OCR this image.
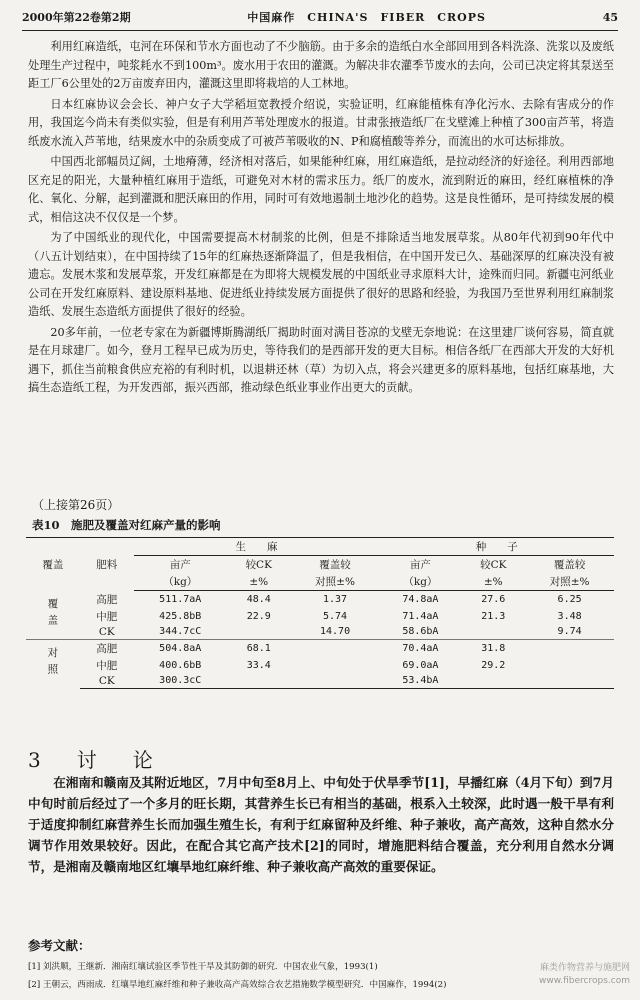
2000年第22卷第2期	中国麻作　CHINA'S　FIBER　CROPS	45

利用红麻造纸，屯河在环保和节水方面也动了不少脑筋。由于多余的造纸白水全部回用到各料洗涤、洗浆以及废纸处理生产过程中，吨浆耗水不到100m³。废水用于农田的灌溉。为解决非农灌季节废水的去向，公司已决定将其泵送至距工厂6公里处的2万亩废弃田内，灌溉这里即将栽培的人工林地。

日本红麻协议会会长、神户女子大学稻垣宽教授介绍说，实验证明，红麻能植株有净化污水、去除有害成分的作用，我国迄今尚未有类似实验，但是有利用芦苇处理废水的报道。甘肃张掖造纸厂在戈壁滩上种植了300亩芦苇，将造纸废水流入芦苇地，结果废水中的杂质变成了可被芦苇吸收的N、P和腐植酸等养分，而流出的水可达标排放。

中国西北部幅员辽阔，土地瘠薄，经济相对落后，如果能种红麻，用红麻造纸，是拉动经济的好途径。利用西部地区充足的阳光，大量种植红麻用于造纸，可避免对木材的需求压力。纸厂的废水，流到附近的麻田，经红麻植株的净化、氧化、分解，起到灌溉和肥沃麻田的作用，同时可有效地遏制土地沙化的趋势。这是良性循环，是可持续发展的模式，相信这决不仅仅是一个梦。

为了中国纸业的现代化，中国需要提高木材制浆的比例，但是不排除适当地发展草浆。从80年代初到90年代中（八五计划结束），在中国持续了15年的红麻热逐渐降温了，但是我相信，在中国开发已久、基础深厚的红麻决没有被遗忘。发展木浆和发展草浆，开发红麻都是在为即将大规模发展的中国纸业寻求原料大计，途殊而归同。新疆屯河纸业公司在开发红麻原料、建设原料基地、促进纸业持续发展方面提供了很好的思路和经验，为我国乃至世界利用红麻制浆造纸、发展生态造纸方面提供了很好的经验。

20多年前，一位老专家在为新疆博斯腾湖纸厂揭助时面对满目苍凉的戈壁无奈地说：在这里建厂谈何容易，简直就是在月球建厂。如今，登月工程早已成为历史，等待我们的是西部开发的更大目标。相信各纸厂在西部大开发的大好机遇下，抓住当前粮食供应充裕的有利时机，以退耕还林（草）为切入点，将会兴建更多的原料基地，包括红麻基地，大搞生态造纸工程，为开发西部，振兴西部，推动绿色纸业事业作出更大的贡献。

（上接第26页）
表10　施肥及覆盖对红麻产量的影响
覆盖	肥料	生　　麻			种　　子		
		亩产	较CK	覆盖较	亩产	较CK	覆盖较
		（kg）	±%	对照±%	（kg）	±%	对照±%
覆盖	高肥	511.7aA	48.4	1.37	74.8aA	27.6	6.25
	中肥	425.8bB	22.9	5.74	71.4aA	21.3	3.48
	CK	344.7cC		14.70	58.6bA		9.74
对照	高肥	504.8aA	68.1		70.4aA	31.8	
	中肥	400.6bB	33.4		69.0aA	29.2	
	CK	300.3cC			53.4bA		
3　讨　论

在湘南和赣南及其附近地区，7月中旬至8月上、中旬处于伏旱季节[1]，早播红麻（4月下旬）到7月中旬时前后经过了一个多月的旺长期，其营养生长已有相当的基础，根系入土较深，此时遇一般干旱有利于适度抑制红麻营养生长而加强生殖生长，有利于红麻留种及纤维、种子兼收，高产高效，这种自然水分调节作用效果较好。因此，在配合其它高产技术[2]的同时，增施肥料结合覆盖，充分利用自然水分调节，是湘南及赣南地区红壤旱地红麻纤维、种子兼收高产高效的重要保证。

参考文献：
[1] 刘洪顺，王继新．湘南红壤试验区季节性干旱及其防御的研究．中国农业气象，1993(1)
[2] 王朝云，西雨成．红壤旱地红麻纤维和种子兼收高产高效综合农艺措施数学模型研究．中国麻作，1994(2)
麻类作物营养与施肥网
www.fibercrops.com
